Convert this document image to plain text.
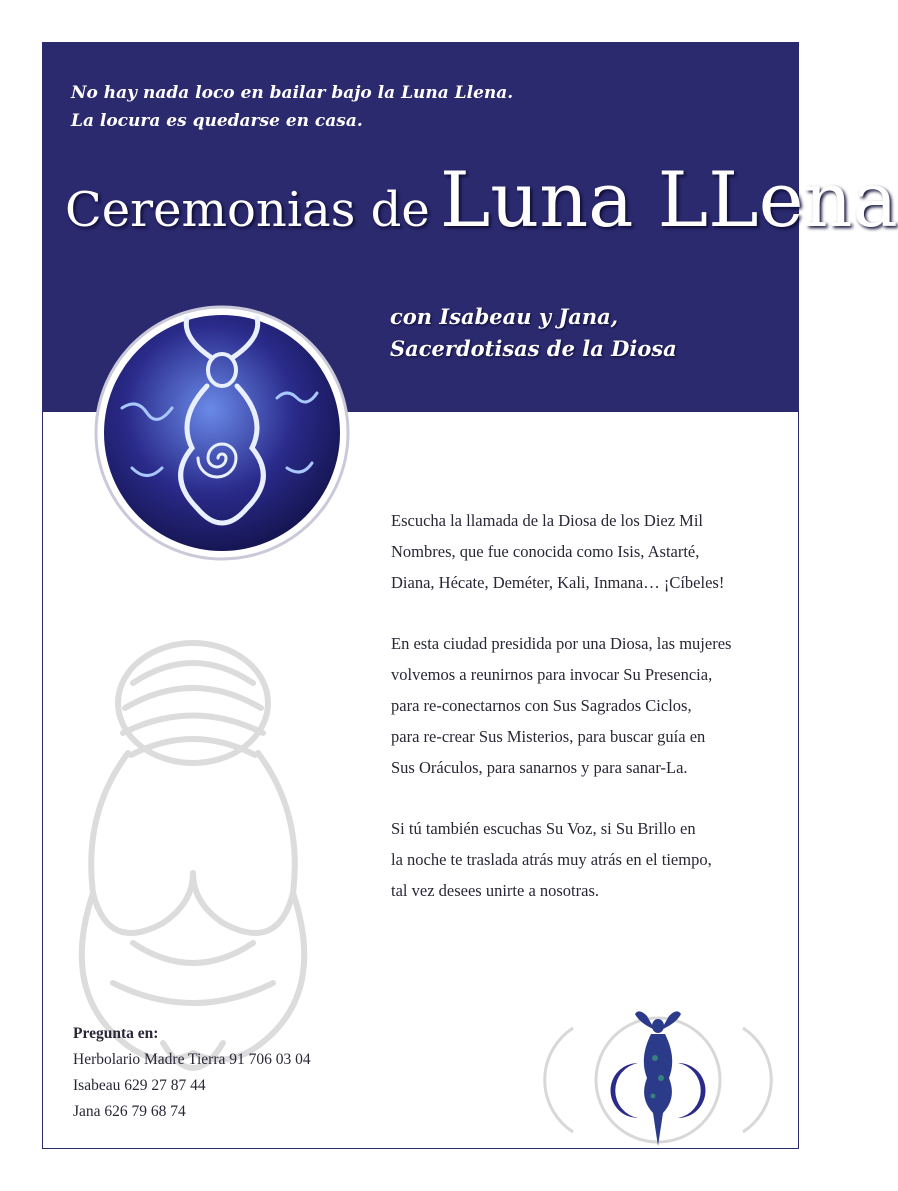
No hay nada loco en bailar bajo la Luna Llena.
La locura es quedarse en casa.
Ceremonias de Luna LLena
con Isabeau y Jana,
Sacerdotisas de la Diosa

Escucha la llamada de la Diosa de los Diez Mil
Nombres, que fue conocida como Isis, Astarté,
Diana, Hécate, Deméter, Kali, Inmana… ¡Cíbeles!

En esta ciudad presidida por una Diosa, las mujeres
volvemos a reunirnos para invocar Su Presencia,
para re-conectarnos con Sus Sagrados Ciclos,
para re-crear Sus Misterios, para buscar guía en
Sus Oráculos, para sanarnos y para sanar-La.

Si tú también escuchas Su Voz, si Su Brillo en
la noche te traslada atrás muy atrás en el tiempo,
tal vez desees unirte a nosotras.

Pregunta en:
Herbolario Madre Tierra 91 706 03 04
Isabeau 629 27 87 44
Jana 626 79 68 74
